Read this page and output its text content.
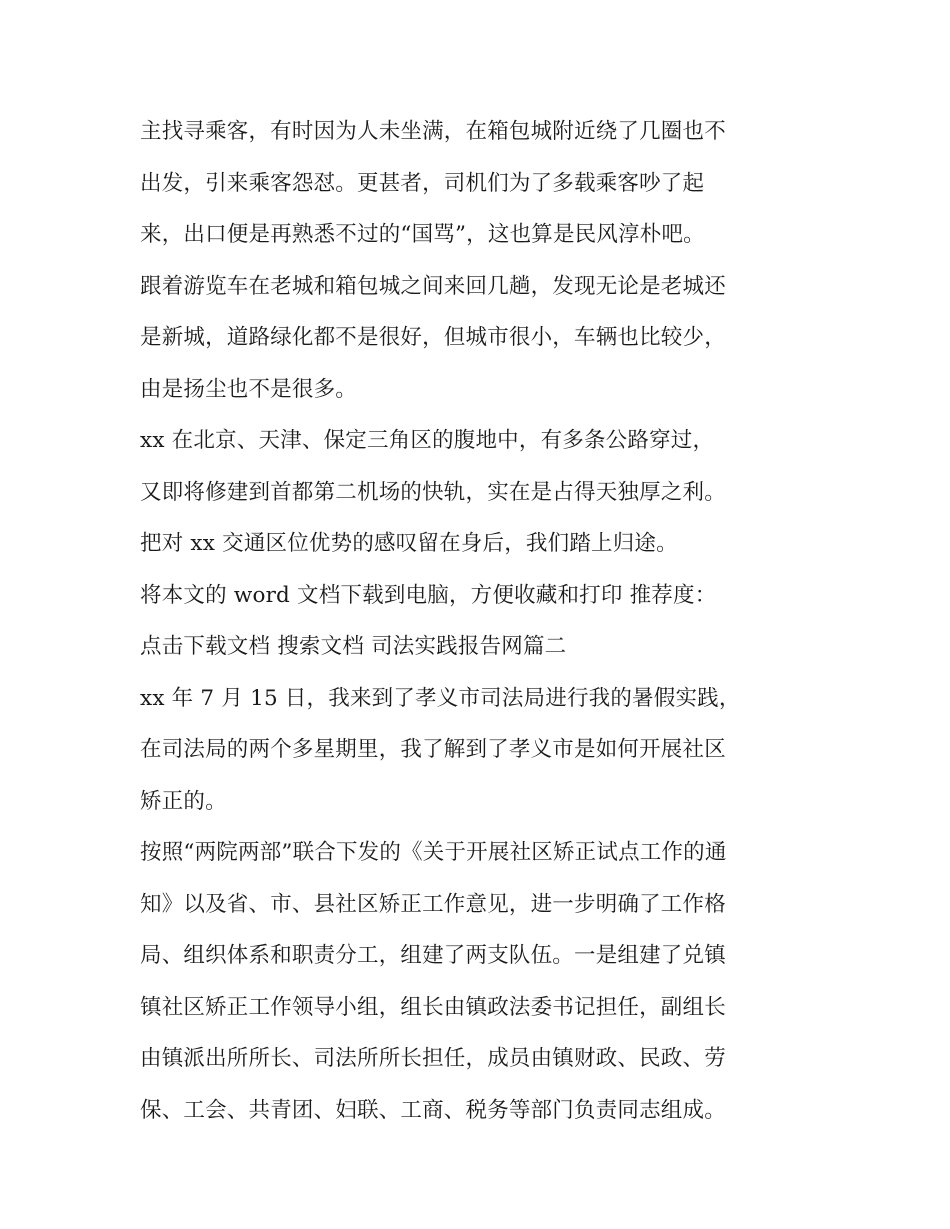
主找寻乘客，有时因为人未坐满，在箱包城附近绕了几圈也不
出发，引来乘客怨怼。更甚者，司机们为了多载乘客吵了起
来，出口便是再熟悉不过的“国骂”，这也算是民风淳朴吧。
跟着游览车在老城和箱包城之间来回几趟，发现无论是老城还
是新城，道路绿化都不是很好，但城市很小，车辆也比较少，
由是扬尘也不是很多。
xx 在北京、天津、保定三角区的腹地中，有多条公路穿过，
又即将修建到首都第二机场的快轨，实在是占得天独厚之利。
把对 xx 交通区位优势的感叹留在身后，我们踏上归途。
将本文的 word 文档下载到电脑，方便收藏和打印 推荐度：
点击下载文档 搜索文档 司法实践报告网篇二
xx 年 7 月 15 日，我来到了孝义市司法局进行我的暑假实践，
在司法局的两个多星期里，我了解到了孝义市是如何开展社区
矫正的。
按照“两院两部”联合下发的《关于开展社区矫正试点工作的通
知》以及省、市、县社区矫正工作意见，进一步明确了工作格
局、组织体系和职责分工，组建了两支队伍。一是组建了兑镇
镇社区矫正工作领导小组，组长由镇政法委书记担任，副组长
由镇派出所所长、司法所所长担任，成员由镇财政、民政、劳
保、工会、共青团、妇联、工商、税务等部门负责同志组成。
